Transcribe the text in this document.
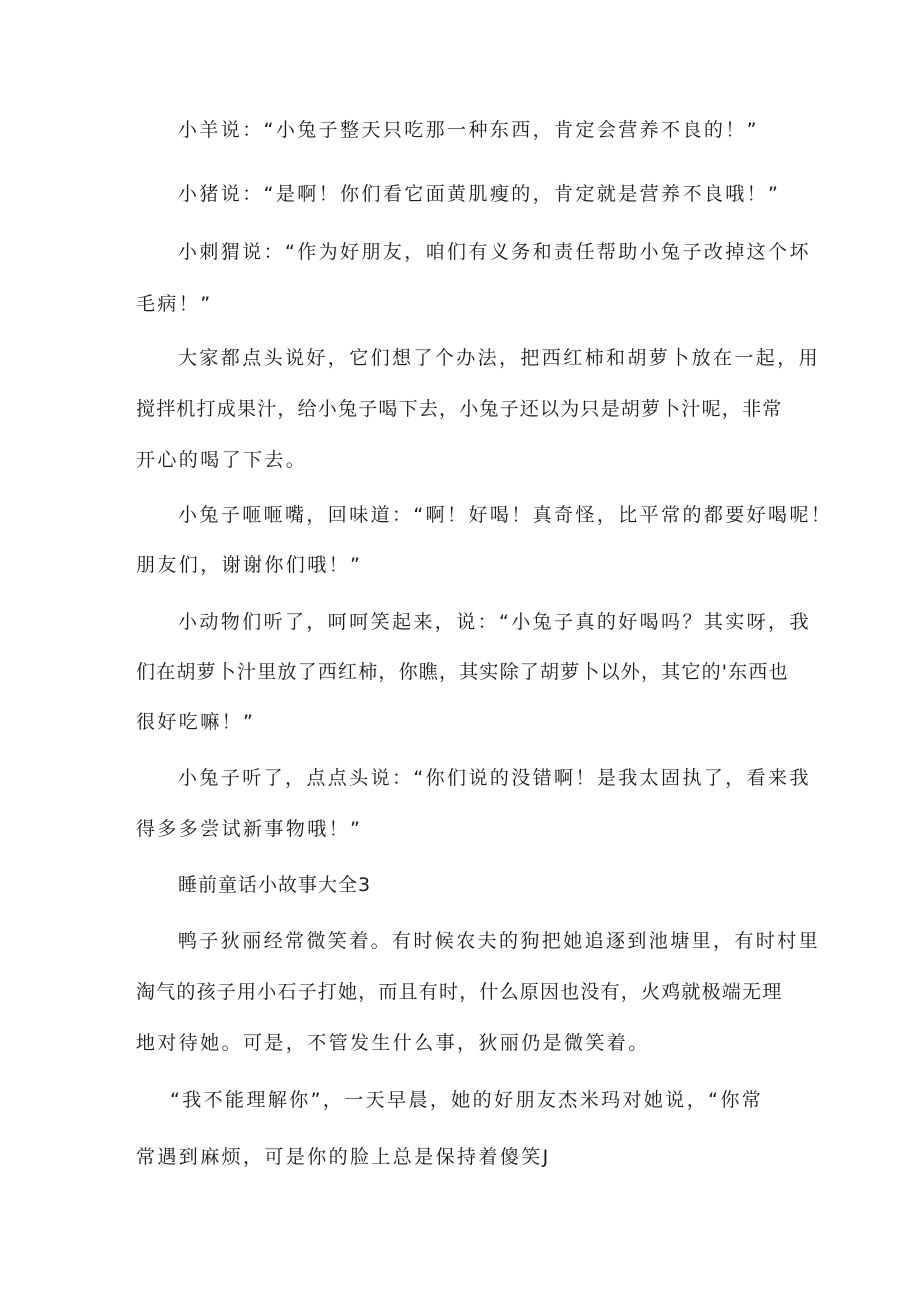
小羊说：“小兔子整天只吃那一种东西，肯定会营养不良的！”
小猪说：“是啊！你们看它面黄肌瘦的，肯定就是营养不良哦！”
小刺猬说：“作为好朋友，咱们有义务和责任帮助小兔子改掉这个坏
毛病！”
大家都点头说好，它们想了个办法，把西红柿和胡萝卜放在一起，用
搅拌机打成果汁，给小兔子喝下去，小兔子还以为只是胡萝卜汁呢，非常
开心的喝了下去。
小兔子咂咂嘴，回味道：“啊！好喝！真奇怪，比平常的都要好喝呢！
朋友们，谢谢你们哦！”
小动物们听了，呵呵笑起来，说：“小兔子真的好喝吗？其实呀，我
们在胡萝卜汁里放了西红柿，你瞧，其实除了胡萝卜以外，其它的'东西也
很好吃嘛！”
小兔子听了，点点头说：“你们说的没错啊！是我太固执了，看来我
得多多尝试新事物哦！”
睡前童话小故事大全3
鸭子狄丽经常微笑着。有时候农夫的狗把她追逐到池塘里，有时村里
淘气的孩子用小石子打她，而且有时，什么原因也没有，火鸡就极端无理
地对待她。可是，不管发生什么事，狄丽仍是微笑着。
“我不能理解你”，一天早晨，她的好朋友杰米玛对她说，“你常
常遇到麻烦，可是你的脸上总是保持着傻笑J
